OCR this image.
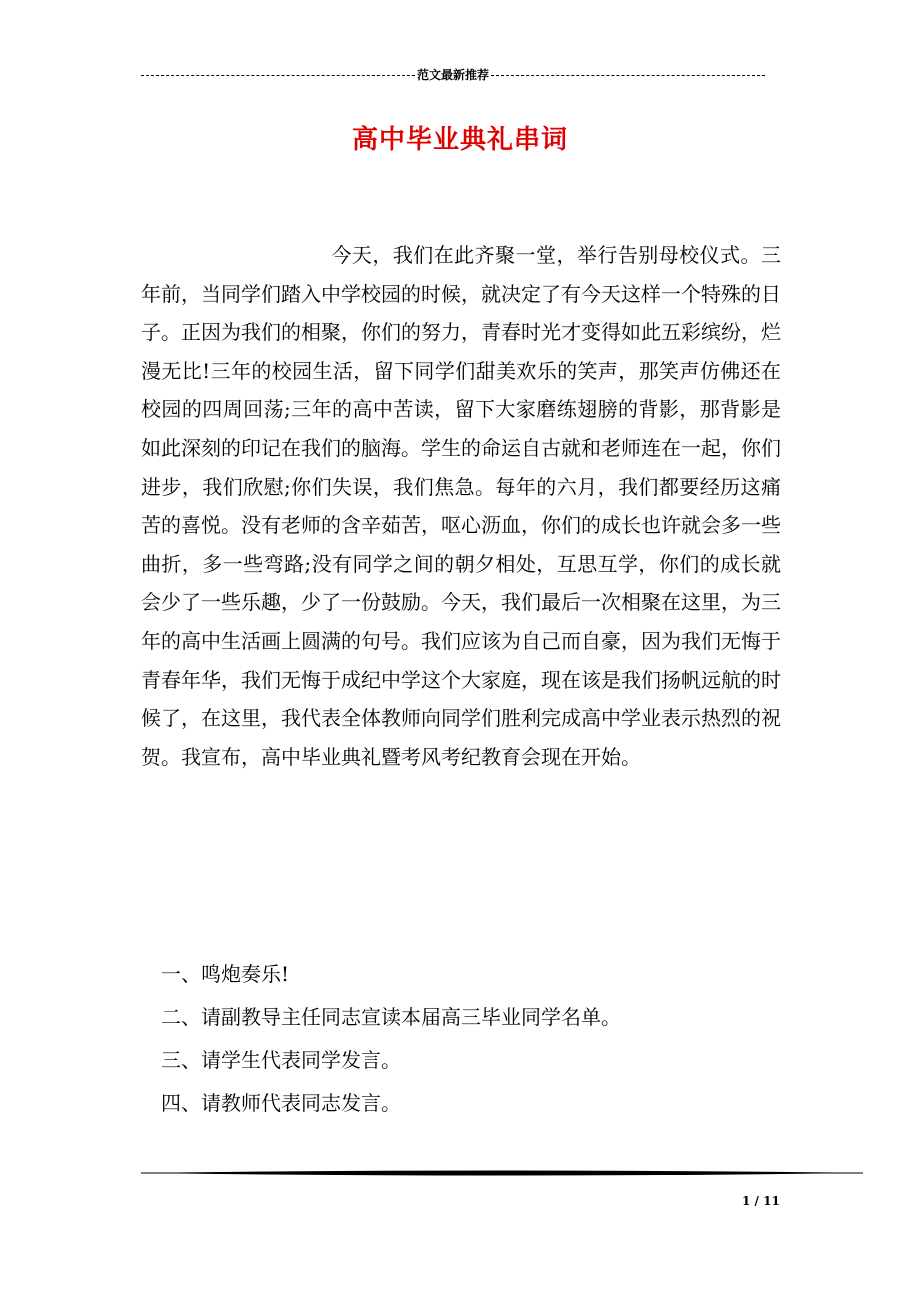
范文最新推荐
高中毕业典礼串词

今天，我们在此齐聚一堂，举行告别母校仪式。三年前，当同学们踏入中学校园的时候，就决定了有今天这样一个特殊的日子。正因为我们的相聚，你们的努力，青春时光才变得如此五彩缤纷，烂漫无比!三年的校园生活，留下同学们甜美欢乐的笑声，那笑声仿佛还在校园的四周回荡;三年的高中苦读，留下大家磨练翅膀的背影，那背影是如此深刻的印记在我们的脑海。学生的命运自古就和老师连在一起，你们进步，我们欣慰;你们失误，我们焦急。每年的六月，我们都要经历这痛苦的喜悦。没有老师的含辛茹苦，呕心沥血，你们的成长也许就会多一些曲折，多一些弯路;没有同学之间的朝夕相处，互思互学，你们的成长就会少了一些乐趣，少了一份鼓励。今天，我们最后一次相聚在这里，为三年的高中生活画上圆满的句号。我们应该为自己而自豪，因为我们无悔于青春年华，我们无悔于成纪中学这个大家庭，现在该是我们扬帆远航的时候了，在这里，我代表全体教师向同学们胜利完成高中学业表示热烈的祝贺。我宣布，高中毕业典礼暨考风考纪教育会现在开始。

一、鸣炮奏乐!
二、请副教导主任同志宣读本届高三毕业同学名单。
三、请学生代表同学发言。
四、请教师代表同志发言。
1 / 11
